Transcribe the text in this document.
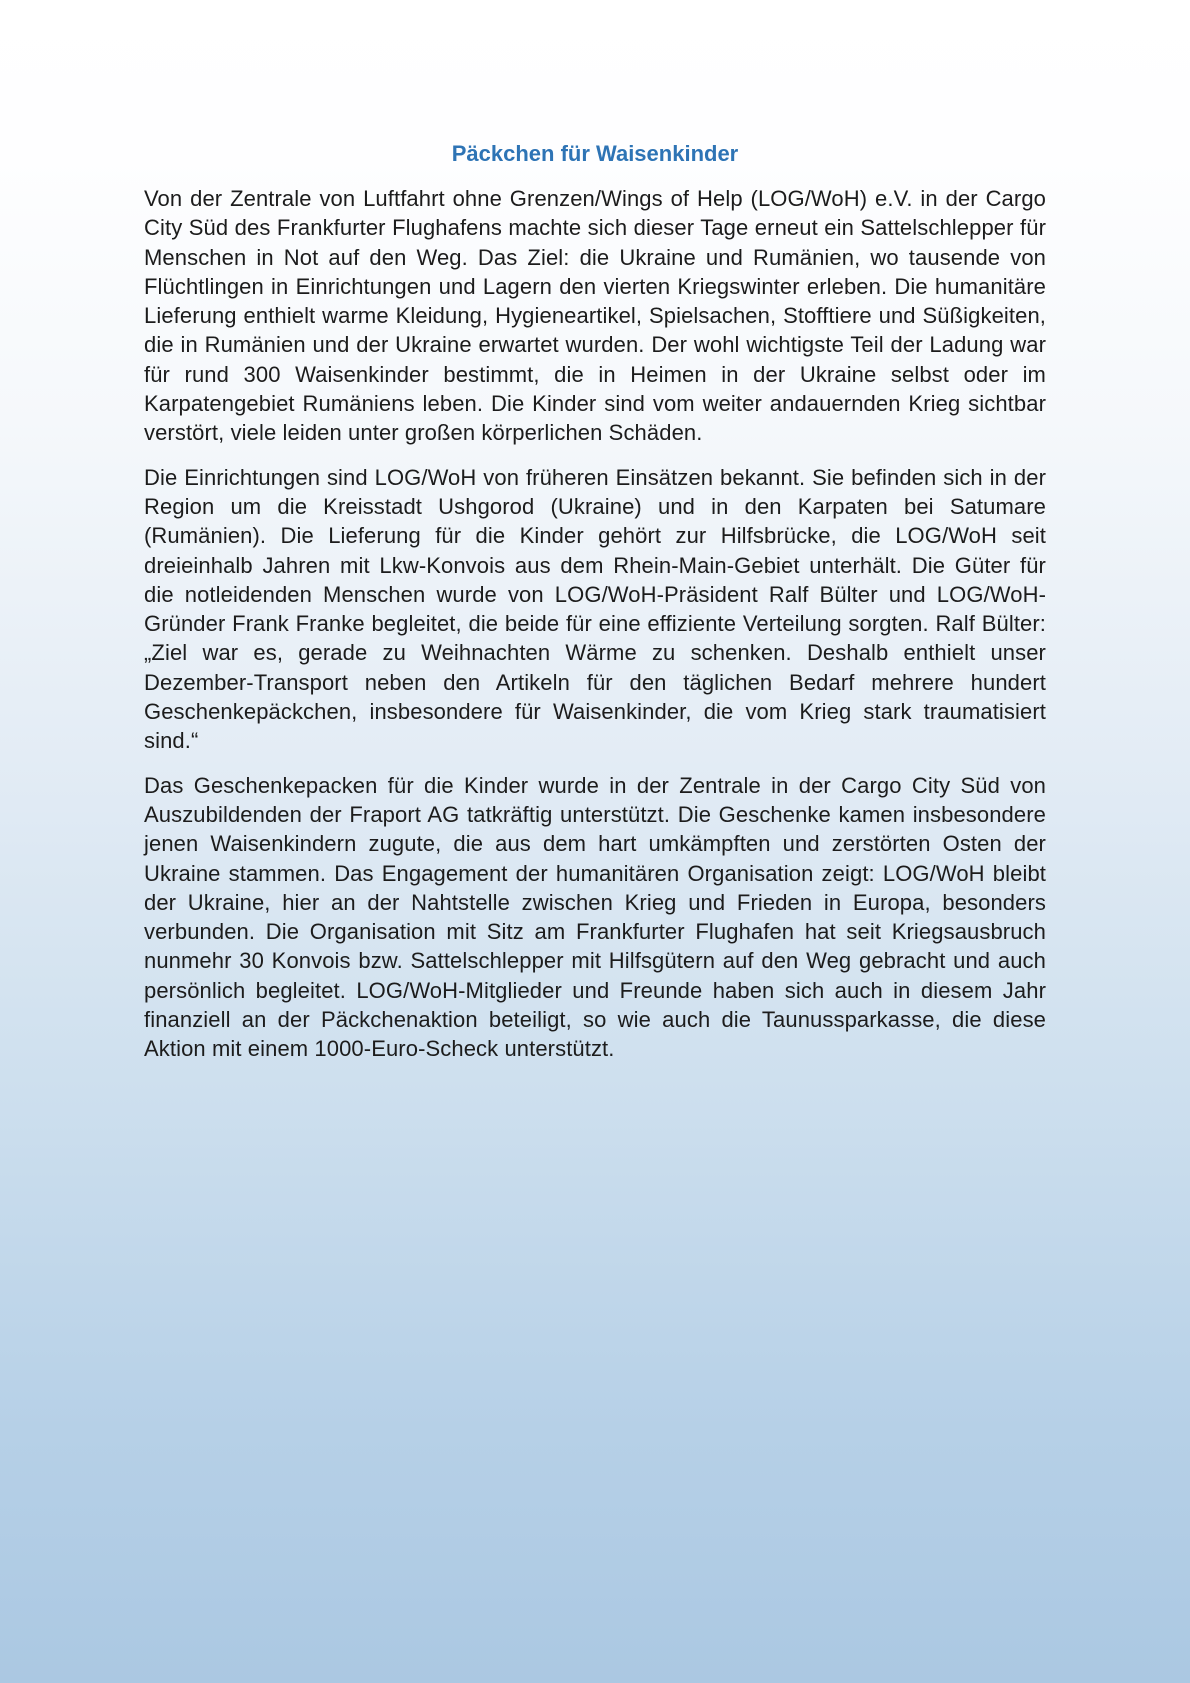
Päckchen für Waisenkinder

Von der Zentrale von Luftfahrt ohne Grenzen/Wings of Help (LOG/WoH) e.V. in der Cargo City Süd des Frankfurter Flughafens machte sich dieser Tage erneut ein Sattelschlepper für Menschen in Not auf den Weg. Das Ziel: die Ukraine und Rumänien, wo tausende von Flüchtlingen in Einrichtungen und Lagern den vierten Kriegswinter erleben. Die humanitäre Lieferung enthielt warme Kleidung, Hygieneartikel, Spielsachen, Stofftiere und Süßigkeiten, die in Rumänien und der Ukraine erwartet wurden. Der wohl wichtigste Teil der Ladung war für rund 300 Waisenkinder bestimmt, die in Heimen in der Ukraine selbst oder im Karpatengebiet Rumäniens leben. Die Kinder sind vom weiter andauernden Krieg sichtbar verstört, viele leiden unter großen körperlichen Schäden.

Die Einrichtungen sind LOG/WoH von früheren Einsätzen bekannt. Sie befinden sich in der Region um die Kreisstadt Ushgorod (Ukraine) und in den Karpaten bei Satumare (Rumänien). Die Lieferung für die Kinder gehört zur Hilfsbrücke, die LOG/WoH seit dreieinhalb Jahren mit Lkw-Konvois aus dem Rhein-Main-Gebiet unterhält. Die Güter für die notleidenden Menschen wurde von LOG/WoH-Präsident Ralf Bülter und LOG/WoH-Gründer Frank Franke begleitet, die beide für eine effiziente Verteilung sorgten. Ralf Bülter: „Ziel war es, gerade zu Weihnachten Wärme zu schenken. Deshalb enthielt unser Dezember-Transport neben den Artikeln für den täglichen Bedarf mehrere hundert Geschenkepäckchen, insbesondere für Waisenkinder, die vom Krieg stark traumatisiert sind.“

Das Geschenkepacken für die Kinder wurde in der Zentrale in der Cargo City Süd von Auszubildenden der Fraport AG tatkräftig unterstützt. Die Geschenke kamen insbesondere jenen Waisenkindern zugute, die aus dem hart umkämpften und zerstörten Osten der Ukraine stammen. Das Engagement der humanitären Organisation zeigt: LOG/WoH bleibt der Ukraine, hier an der Nahtstelle zwischen Krieg und Frieden in Europa, besonders verbunden. Die Organisation mit Sitz am Frankfurter Flughafen hat seit Kriegsausbruch nunmehr 30 Konvois bzw. Sattelschlepper mit Hilfsgütern auf den Weg gebracht und auch persönlich begleitet. LOG/WoH-Mitglieder und Freunde haben sich auch in diesem Jahr finanziell an der Päckchenaktion beteiligt, so wie auch die Taunussparkasse, die diese Aktion mit einem 1000-Euro-Scheck unterstützt.
